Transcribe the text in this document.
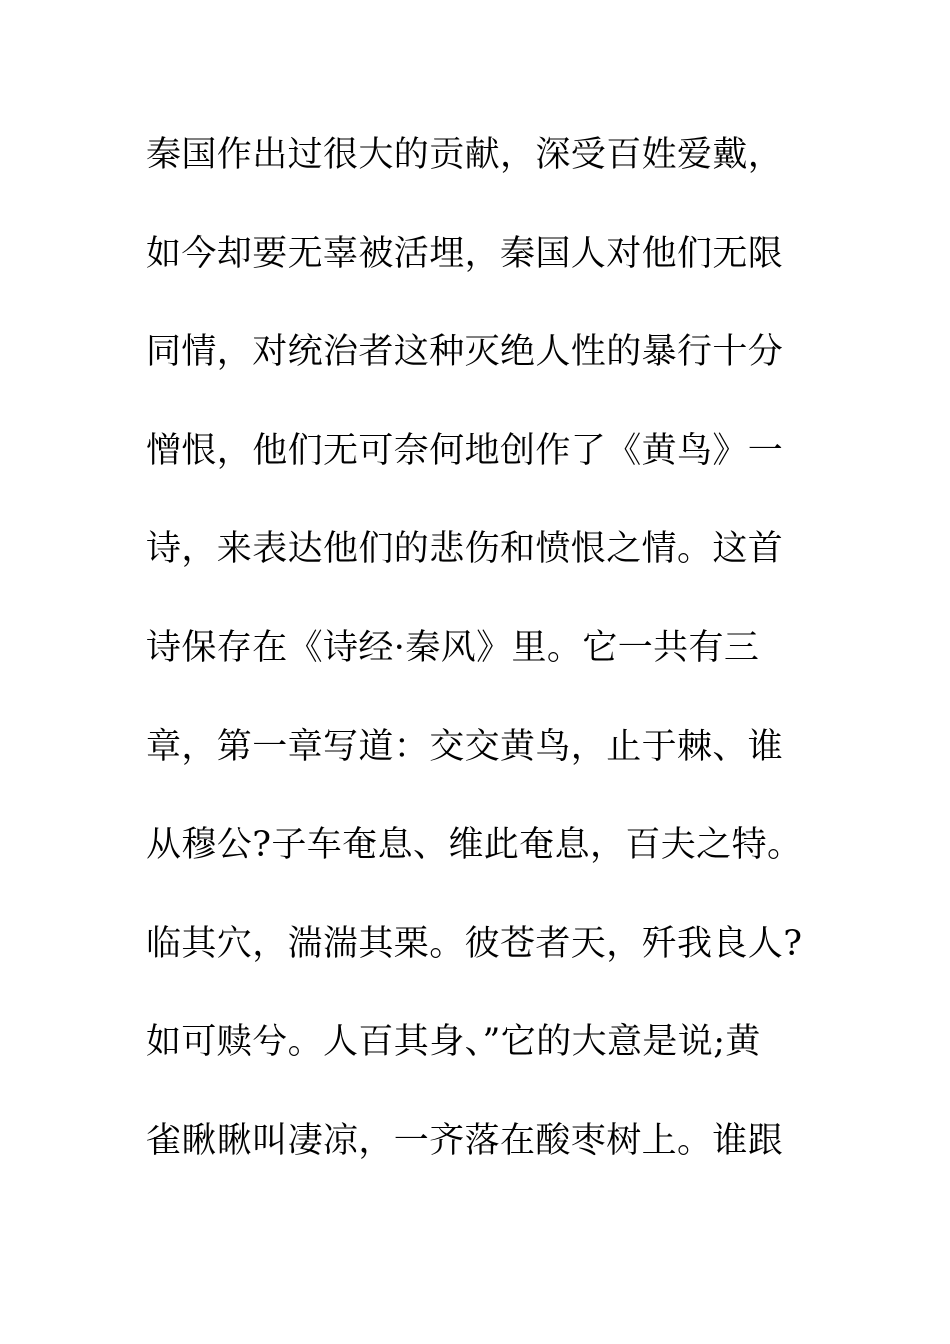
秦国作出过很大的贡献，深受百姓爱戴，
如今却要无辜被活埋，秦国人对他们无限
同情，对统治者这种灭绝人性的暴行十分
憎恨，他们无可奈何地创作了《黄鸟》一
诗，来表达他们的悲伤和愤恨之情。这首
诗保存在《诗经·秦风》里。它一共有三
章，第一章写道：交交黄鸟，止于棘、谁
从穆公?子车奄息、维此奄息，百夫之特。
临其穴，湍湍其栗。彼苍者天，歼我良人?
如可赎兮。人百其身、”它的大意是说;黄
雀瞅瞅叫凄凉，一齐落在酸枣树上。谁跟
